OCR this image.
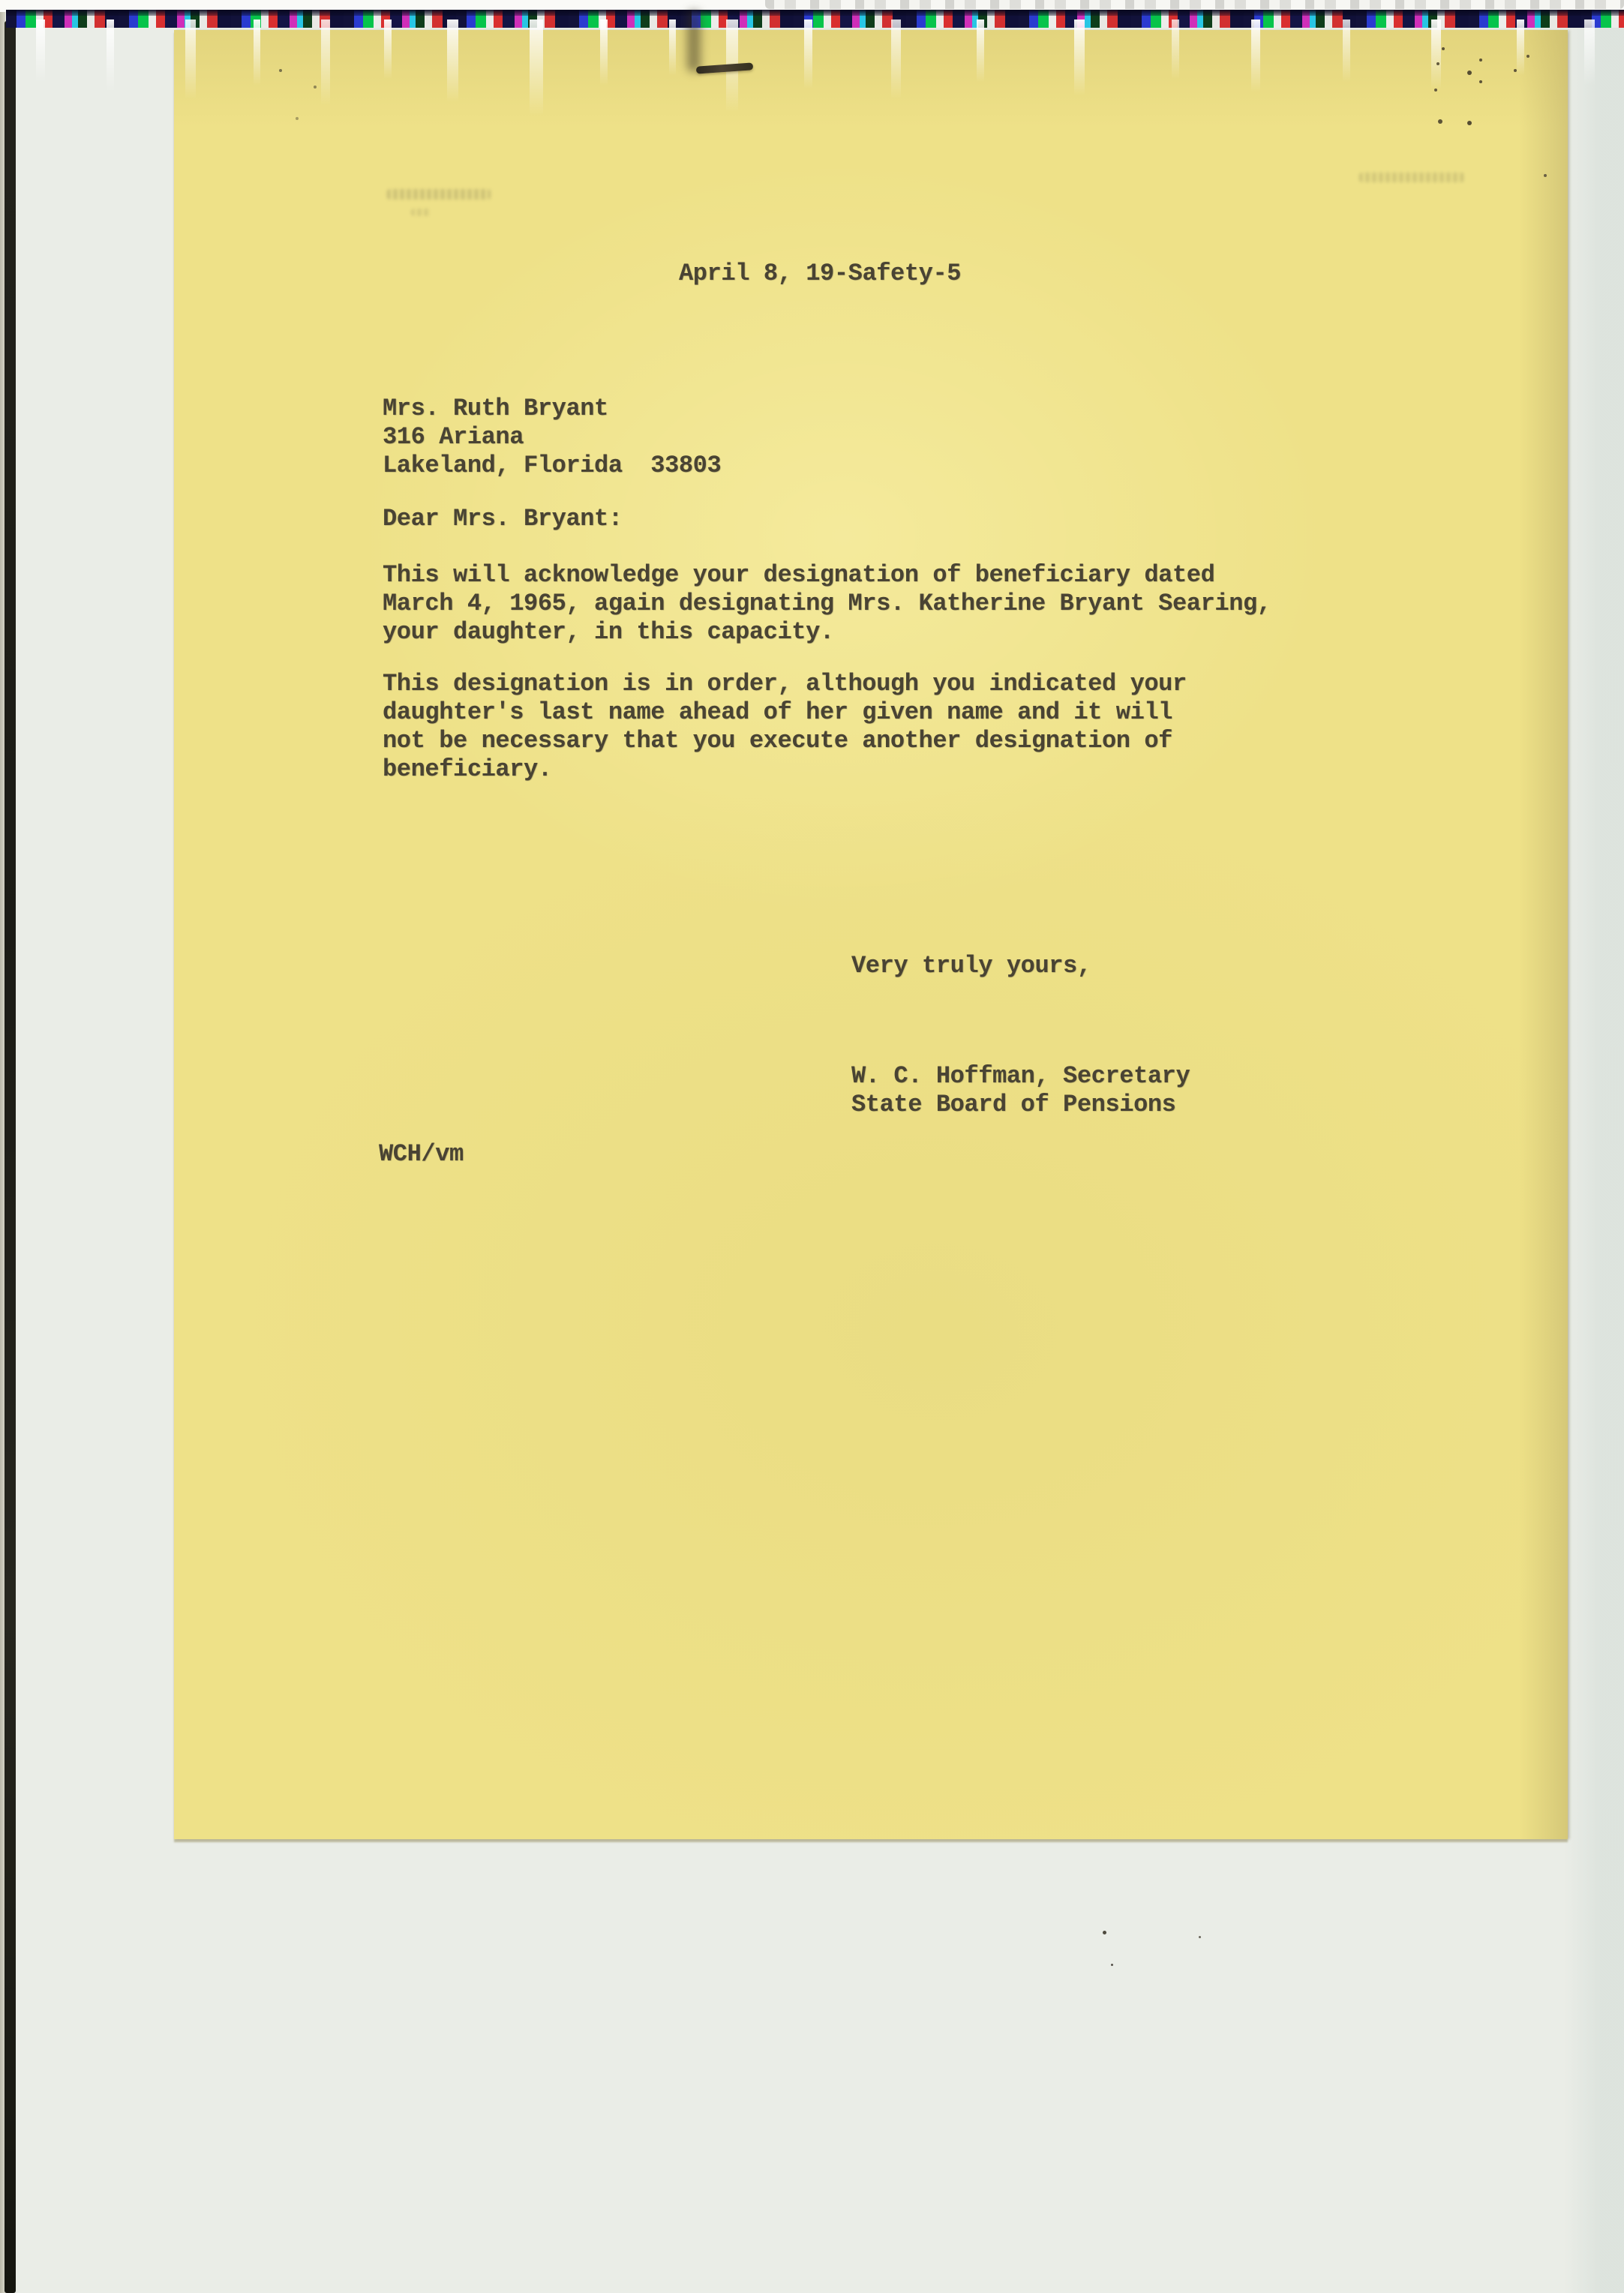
April 8, 19-Safety-5
Mrs. Ruth Bryant
316 Ariana
Lakeland, Florida  33803
Dear Mrs. Bryant:
This will acknowledge your designation of beneficiary dated
March 4, 1965, again designating Mrs. Katherine Bryant Searing,
your daughter, in this capacity.
This designation is in order, although you indicated your
daughter's last name ahead of her given name and it will
not be necessary that you execute another designation of
beneficiary.
Very truly yours,
W. C. Hoffman, Secretary
State Board of Pensions
WCH/vm
